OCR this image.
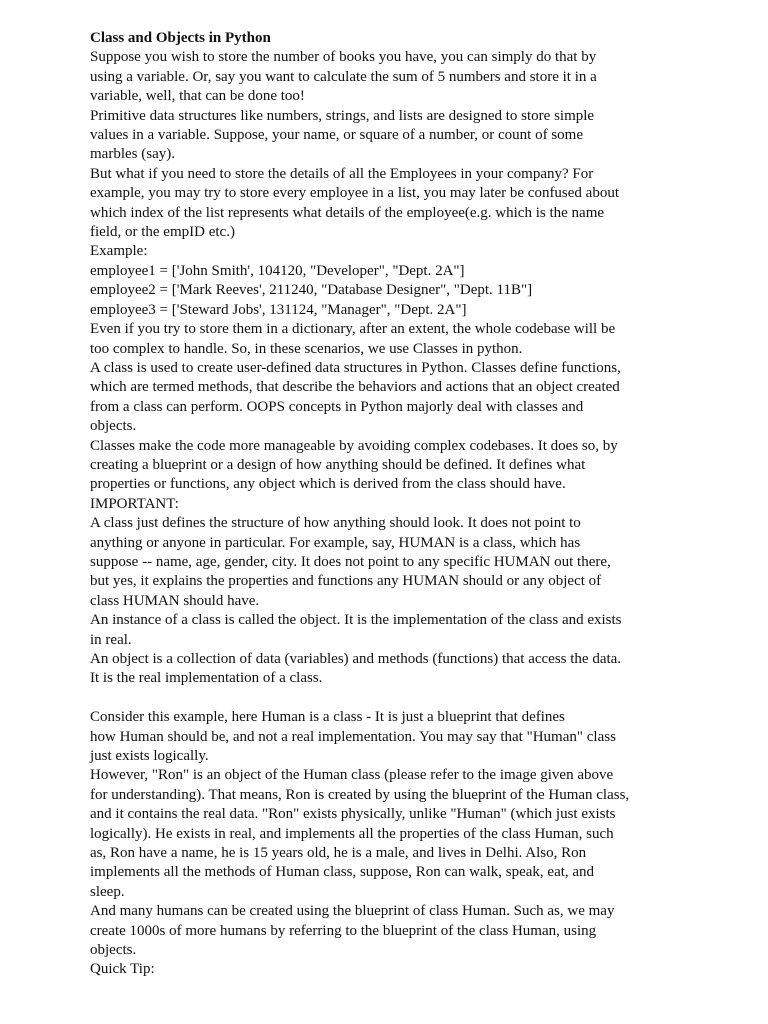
Class and Objects in Python
Suppose you wish to store the number of books you have, you can simply do that by
using a variable. Or, say you want to calculate the sum of 5 numbers and store it in a
variable, well, that can be done too!
Primitive data structures like numbers, strings, and lists are designed to store simple
values in a variable. Suppose, your name, or square of a number, or count of some
marbles (say).
But what if you need to store the details of all the Employees in your company? For
example, you may try to store every employee in a list, you may later be confused about
which index of the list represents what details of the employee(e.g. which is the name
field, or the empID etc.)
Example:
employee1 = ['John Smith', 104120, "Developer", "Dept. 2A"]
employee2 = ['Mark Reeves', 211240, "Database Designer", "Dept. 11B"]
employee3 = ['Steward Jobs', 131124, "Manager", "Dept. 2A"]
Even if you try to store them in a dictionary, after an extent, the whole codebase will be
too complex to handle. So, in these scenarios, we use Classes in python.
A class is used to create user-defined data structures in Python. Classes define functions,
which are termed methods, that describe the behaviors and actions that an object created
from a class can perform. OOPS concepts in Python majorly deal with classes and
objects.
Classes make the code more manageable by avoiding complex codebases. It does so, by
creating a blueprint or a design of how anything should be defined. It defines what
properties or functions, any object which is derived from the class should have.
IMPORTANT:
A class just defines the structure of how anything should look. It does not point to
anything or anyone in particular. For example, say, HUMAN is a class, which has
suppose -- name, age, gender, city. It does not point to any specific HUMAN out there,
but yes, it explains the properties and functions any HUMAN should or any object of
class HUMAN should have.
An instance of a class is called the object. It is the implementation of the class and exists
in real.
An object is a collection of data (variables) and methods (functions) that access the data.
It is the real implementation of a class.
Consider this example, here Human is a class - It is just a blueprint that defines
how Human should be, and not a real implementation. You may say that "Human" class
just exists logically.
However, "Ron" is an object of the Human class (please refer to the image given above
for understanding). That means, Ron is created by using the blueprint of the Human class,
and it contains the real data. "Ron" exists physically, unlike "Human" (which just exists
logically). He exists in real, and implements all the properties of the class Human, such
as, Ron have a name, he is 15 years old, he is a male, and lives in Delhi. Also, Ron
implements all the methods of Human class, suppose, Ron can walk, speak, eat, and
sleep.
And many humans can be created using the blueprint of class Human. Such as, we may
create 1000s of more humans by referring to the blueprint of the class Human, using
objects.
Quick Tip:
